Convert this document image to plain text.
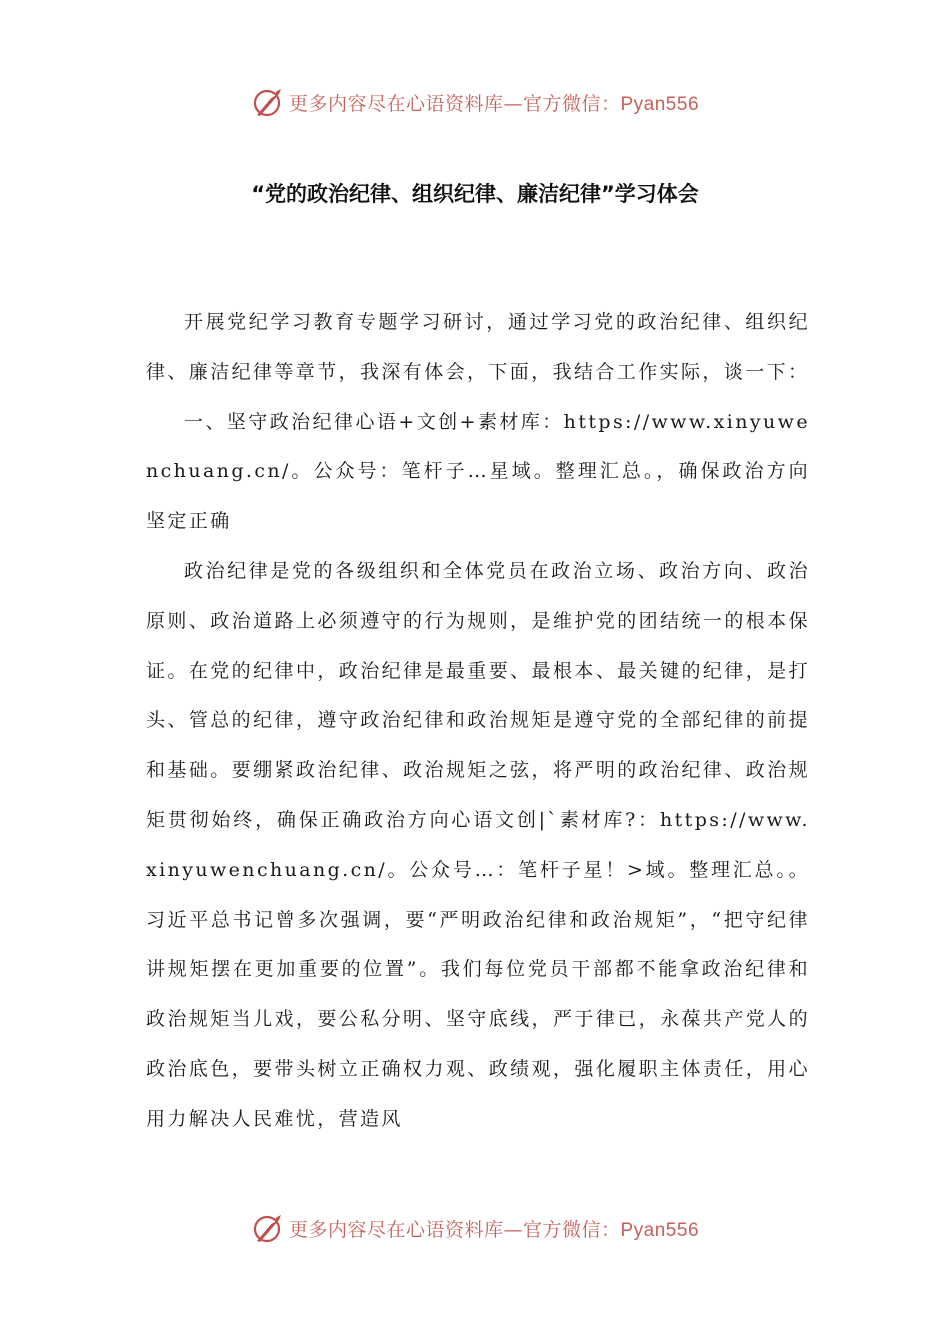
更多内容尽在心语资料库—官方微信：Pyan556
“党的政治纪律、组织纪律、廉洁纪律”学习体会

开展党纪学习教育专题学习研讨，通过学习党的政治纪律、组织纪律、廉洁纪律等章节，我深有体会，下面，我结合工作实际，谈一下：

一、坚守政治纪律心语+文创+素材库：https://www.xinyuwenchuang.cn/。公众号：笔杆子…星域。整理汇总。，确保政治方向坚定正确

政治纪律是党的各级组织和全体党员在政治立场、政治方向、政治原则、政治道路上必须遵守的行为规则，是维护党的团结统一的根本保证。在党的纪律中，政治纪律是最重要、最根本、最关键的纪律，是打头、管总的纪律，遵守政治纪律和政治规矩是遵守党的全部纪律的前提和基础。要绷紧政治纪律、政治规矩之弦，将严明的政治纪律、政治规矩贯彻始终，确保正确政治方向心语文创|`素材库?：https://www.xinyuwenchuang.cn/。公众号…：笔杆子星！>域。整理汇总。。习近平总书记曾多次强调，要“严明政治纪律和政治规矩”，“把守纪律讲规矩摆在更加重要的位置”。我们每位党员干部都不能拿政治纪律和政治规矩当儿戏，要公私分明、坚守底线，严于律已，永葆共产党人的政治底色，要带头树立正确权力观、政绩观，强化履职主体责任，用心用力解决人民难忧，营造风

更多内容尽在心语资料库—官方微信：Pyan556
